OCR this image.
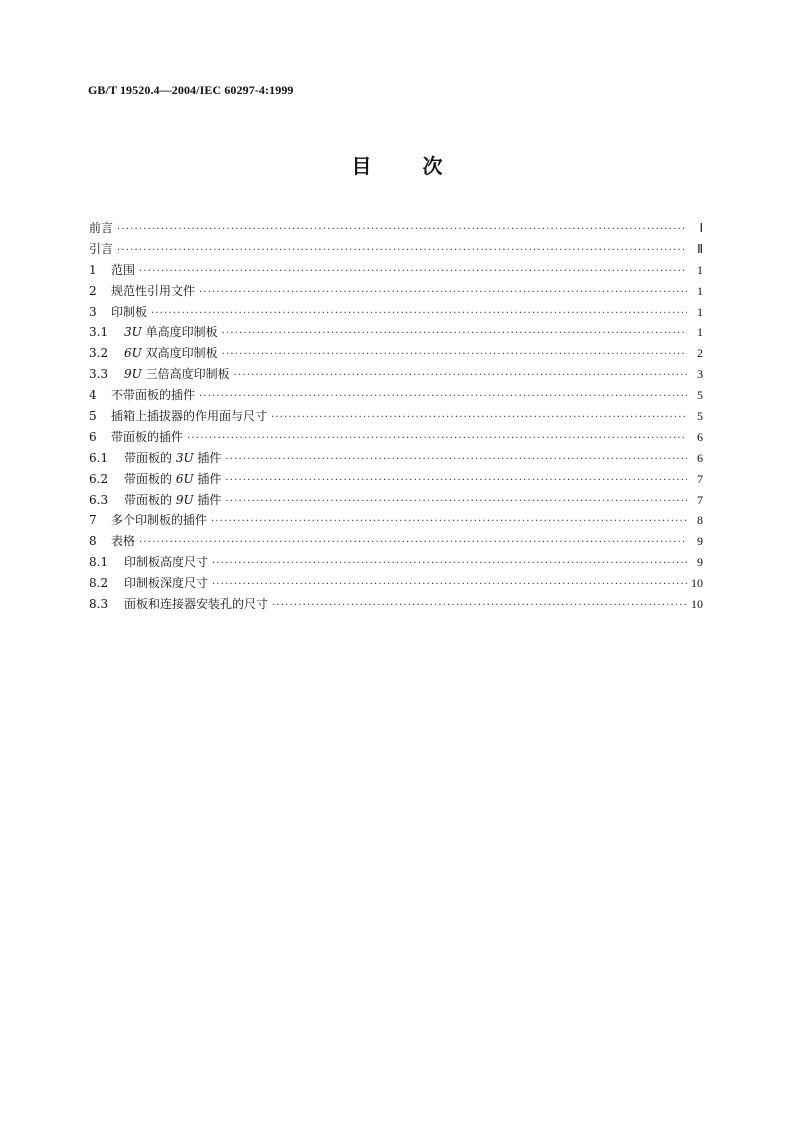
GB/T 19520.4—2004/IEC 60297-4:1999
目	次
前言 ·····	Ⅰ
引言 ·····	Ⅱ
1	范围 ·····	1
2	规范性引用文件 ·····	1
3	印制板 ·····	1
3.1	3U 单高度印制板 ·····	1
3.2	6U 双高度印制板 ·····	2
3.3	9U 三倍高度印制板 ·····	3
4	不带面板的插件 ·····	5
5	插箱上插拔器的作用面与尺寸 ·····	5
6	带面板的插件 ·····	6
6.1	带面板的 3U 插件 ·····	6
6.2	带面板的 6U 插件 ·····	7
6.3	带面板的 9U 插件 ·····	7
7	多个印制板的插件 ·····	8
8	表格 ·····	9
8.1	印制板高度尺寸 ·····	9
8.2	印制板深度尺寸 ·····	10
8.3	面板和连接器安装孔的尺寸 ·····	10
